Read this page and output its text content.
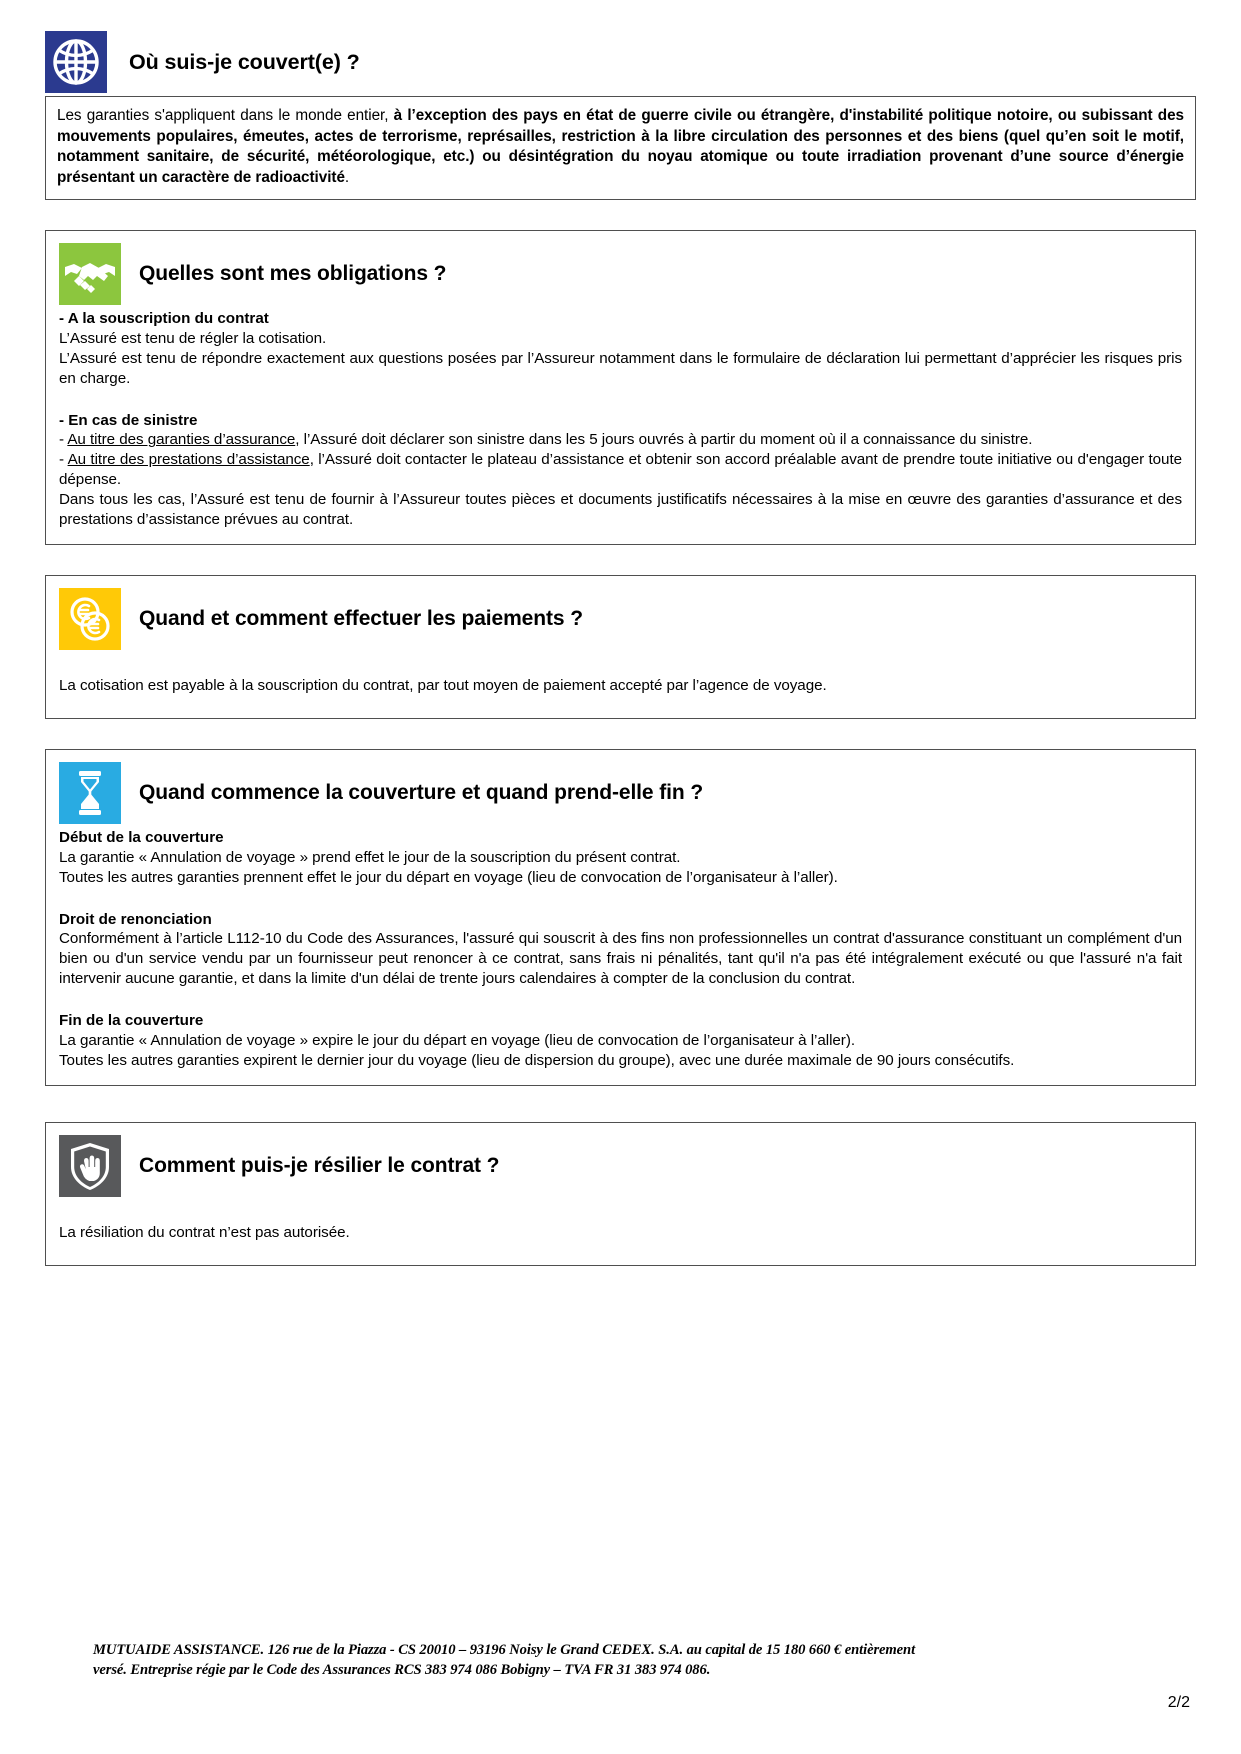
Où suis-je couvert(e) ?

Les garanties s'appliquent dans le monde entier, à l’exception des pays en état de guerre civile ou étrangère, d'instabilité politique notoire, ou subissant des mouvements populaires, émeutes, actes de terrorisme, représailles, restriction à la libre circulation des personnes et des biens (quel qu’en soit le motif, notamment sanitaire, de sécurité, météorologique, etc.) ou désintégration du noyau atomique ou toute irradiation provenant d’une source d’énergie présentant un caractère de radioactivité.

Quelles sont mes obligations ?

- A la souscription du contrat

L’Assuré est tenu de régler la cotisation.

L’Assuré est tenu de répondre exactement aux questions posées par l’Assureur notamment dans le formulaire de déclaration lui permettant d’apprécier les risques pris en charge.

- En cas de sinistre

- Au titre des garanties d’assurance, l’Assuré doit déclarer son sinistre dans les 5 jours ouvrés à partir du moment où il a connaissance du sinistre.

- Au titre des prestations d’assistance, l’Assuré doit contacter le plateau d’assistance et obtenir son accord préalable avant de prendre toute initiative ou d'engager toute dépense.

Dans tous les cas, l’Assuré est tenu de fournir à l’Assureur toutes pièces et documents justificatifs nécessaires à la mise en œuvre des garanties d’assurance et des prestations d’assistance prévues au contrat.

Quand et comment effectuer les paiements ?

La cotisation est payable à la souscription du contrat, par tout moyen de paiement accepté par l’agence de voyage.

Quand commence la couverture et quand prend-elle fin ?

Début de la couverture

La garantie « Annulation de voyage » prend effet le jour de la souscription du présent contrat.

Toutes les autres garanties prennent effet le jour du départ en voyage (lieu de convocation de l’organisateur à l’aller).

Droit de renonciation

Conformément à l’article L112-10 du Code des Assurances, l'assuré qui souscrit à des fins non professionnelles un contrat d'assurance constituant un complément d'un bien ou d'un service vendu par un fournisseur peut renoncer à ce contrat, sans frais ni pénalités, tant qu'il n'a pas été intégralement exécuté ou que l'assuré n'a fait intervenir aucune garantie, et dans la limite d'un délai de trente jours calendaires à compter de la conclusion du contrat.

Fin de la couverture

La garantie « Annulation de voyage » expire le jour du départ en voyage (lieu de convocation de l’organisateur à l’aller).

Toutes les autres garanties expirent le dernier jour du voyage (lieu de dispersion du groupe), avec une durée maximale de 90 jours consécutifs.

Comment puis-je résilier le contrat ?

La résiliation du contrat n’est pas autorisée.

MUTUAIDE ASSISTANCE. 126 rue de la Piazza - CS 20010 – 93196 Noisy le Grand CEDEX. S.A. au capital de 15 180 660 € entièrement

versé. Entreprise régie par le Code des Assurances RCS 383 974 086 Bobigny – TVA FR 31 383 974 086.

2/2
